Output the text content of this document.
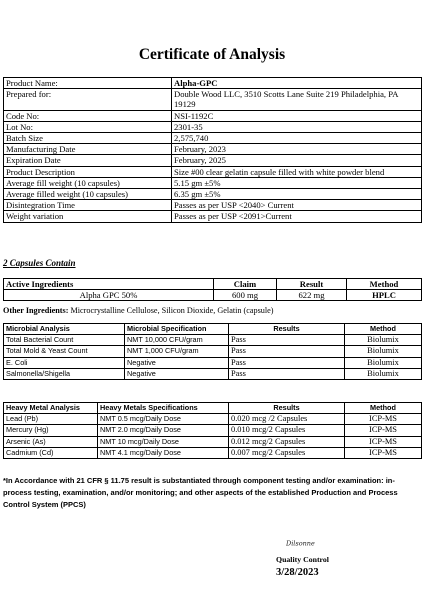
Certificate of Analysis
Product Name:	Alpha-GPC
Prepared for:	Double Wood LLC, 3510 Scotts Lane Suite 219 Philadelphia, PA 19129
Code No:	NSI-1192C
Lot No:	2301-35
Batch Size	2,575,740
Manufacturing Date	February, 2023
Expiration Date	February, 2025
Product Description	Size #00 clear gelatin capsule filled with white powder blend
Average fill weight (10 capsules)	5.15 gm ±5%
Average filled weight (10 capsules)	6.35 gm ±5%
Disintegration Time	Passes as per USP <2040> Current
Weight variation	Passes as per USP <2091>Current
2 Capsules Contain
Active Ingredients	Claim	Result	Method
Alpha GPC 50%	600 mg	622 mg	HPLC
Other Ingredients: Microcrystalline Cellulose, Silicon Dioxide, Gelatin (capsule)
Microbial Analysis	Microbial Specification	Results	Method
Total Bacterial Count	NMT 10,000 CFU/gram	Pass	Biolumix
Total Mold & Yeast Count	NMT 1,000 CFU/gram	Pass	Biolumix
E. Coli	Negative	Pass	Biolumix
Salmonella/Shigella	Negative	Pass	Biolumix
Heavy Metal Analysis	Heavy Metals Specifications	Results	Method
Lead (Pb)	NMT 0.5 mcg/Daily Dose	0.020 mcg /2 Capsules	ICP-MS
Mercury (Hg)	NMT 2.0 mcg/Daily Dose	0.010 mcg/2 Capsules	ICP-MS
Arsenic (As)	NMT 10 mcg/Daily Dose	0.012 mcg/2 Capsules	ICP-MS
Cadmium (Cd)	NMT 4.1 mcg/Daily Dose	0.007 mcg/2 Capsules	ICP-MS
*In Accordance with 21 CFR § 11.75 result is substantiated through component testing and/or examination: in-process testing, examination, and/or monitoring; and other aspects of the established Production and Process Control System (PPCS)
Dilsonne
Quality Control
3/28/2023
